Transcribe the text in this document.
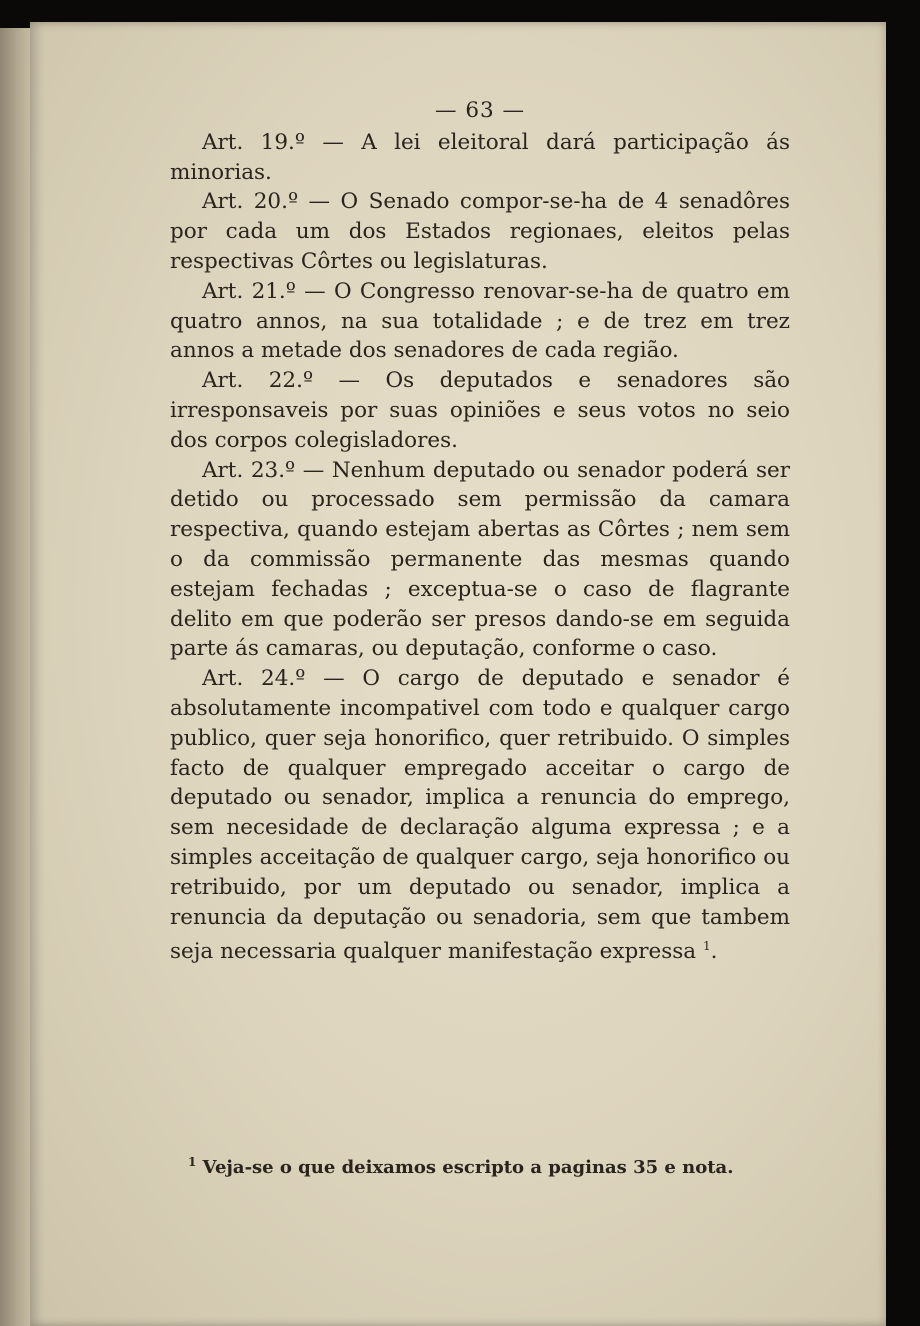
— 63 —

Art. 19.º — A lei eleitoral dará participação ás minorias.

Art. 20.º — O Senado compor-se-ha de 4 senadôres por cada um dos Estados regionaes, eleitos pelas respectivas Côrtes ou legislaturas.

Art. 21.º — O Congresso renovar-se-ha de quatro em quatro annos, na sua totalidade ; e de trez em trez annos a metade dos senadores de cada região.

Art. 22.º — Os deputados e senadores são irresponsaveis por suas opiniões e seus votos no seio dos corpos colegisladores.

Art. 23.º — Nenhum deputado ou senador poderá ser detido ou processado sem permissão da camara respectiva, quando estejam abertas as Côrtes ; nem sem o da commissão permanente das mesmas quando estejam fechadas ; exceptua-se o caso de flagrante delito em que poderão ser presos dando-se em seguida parte ás camaras, ou deputação, conforme o caso.

Art. 24.º — O cargo de deputado e senador é absolutamente incompativel com todo e qualquer cargo publico, quer seja honorifico, quer retribuido. O simples facto de qualquer empregado acceitar o cargo de deputado ou senador, implica a renuncia do emprego, sem necesidade de declaração alguma expressa ; e a simples acceitação de qualquer cargo, seja honorifico ou retribuido, por um deputado ou senador, implica a renuncia da deputação ou senadoria, sem que tambem seja necessaria qualquer manifestação expressa $^1$.

$^1$ Veja-se o que deixamos escripto a paginas 35 e nota.
